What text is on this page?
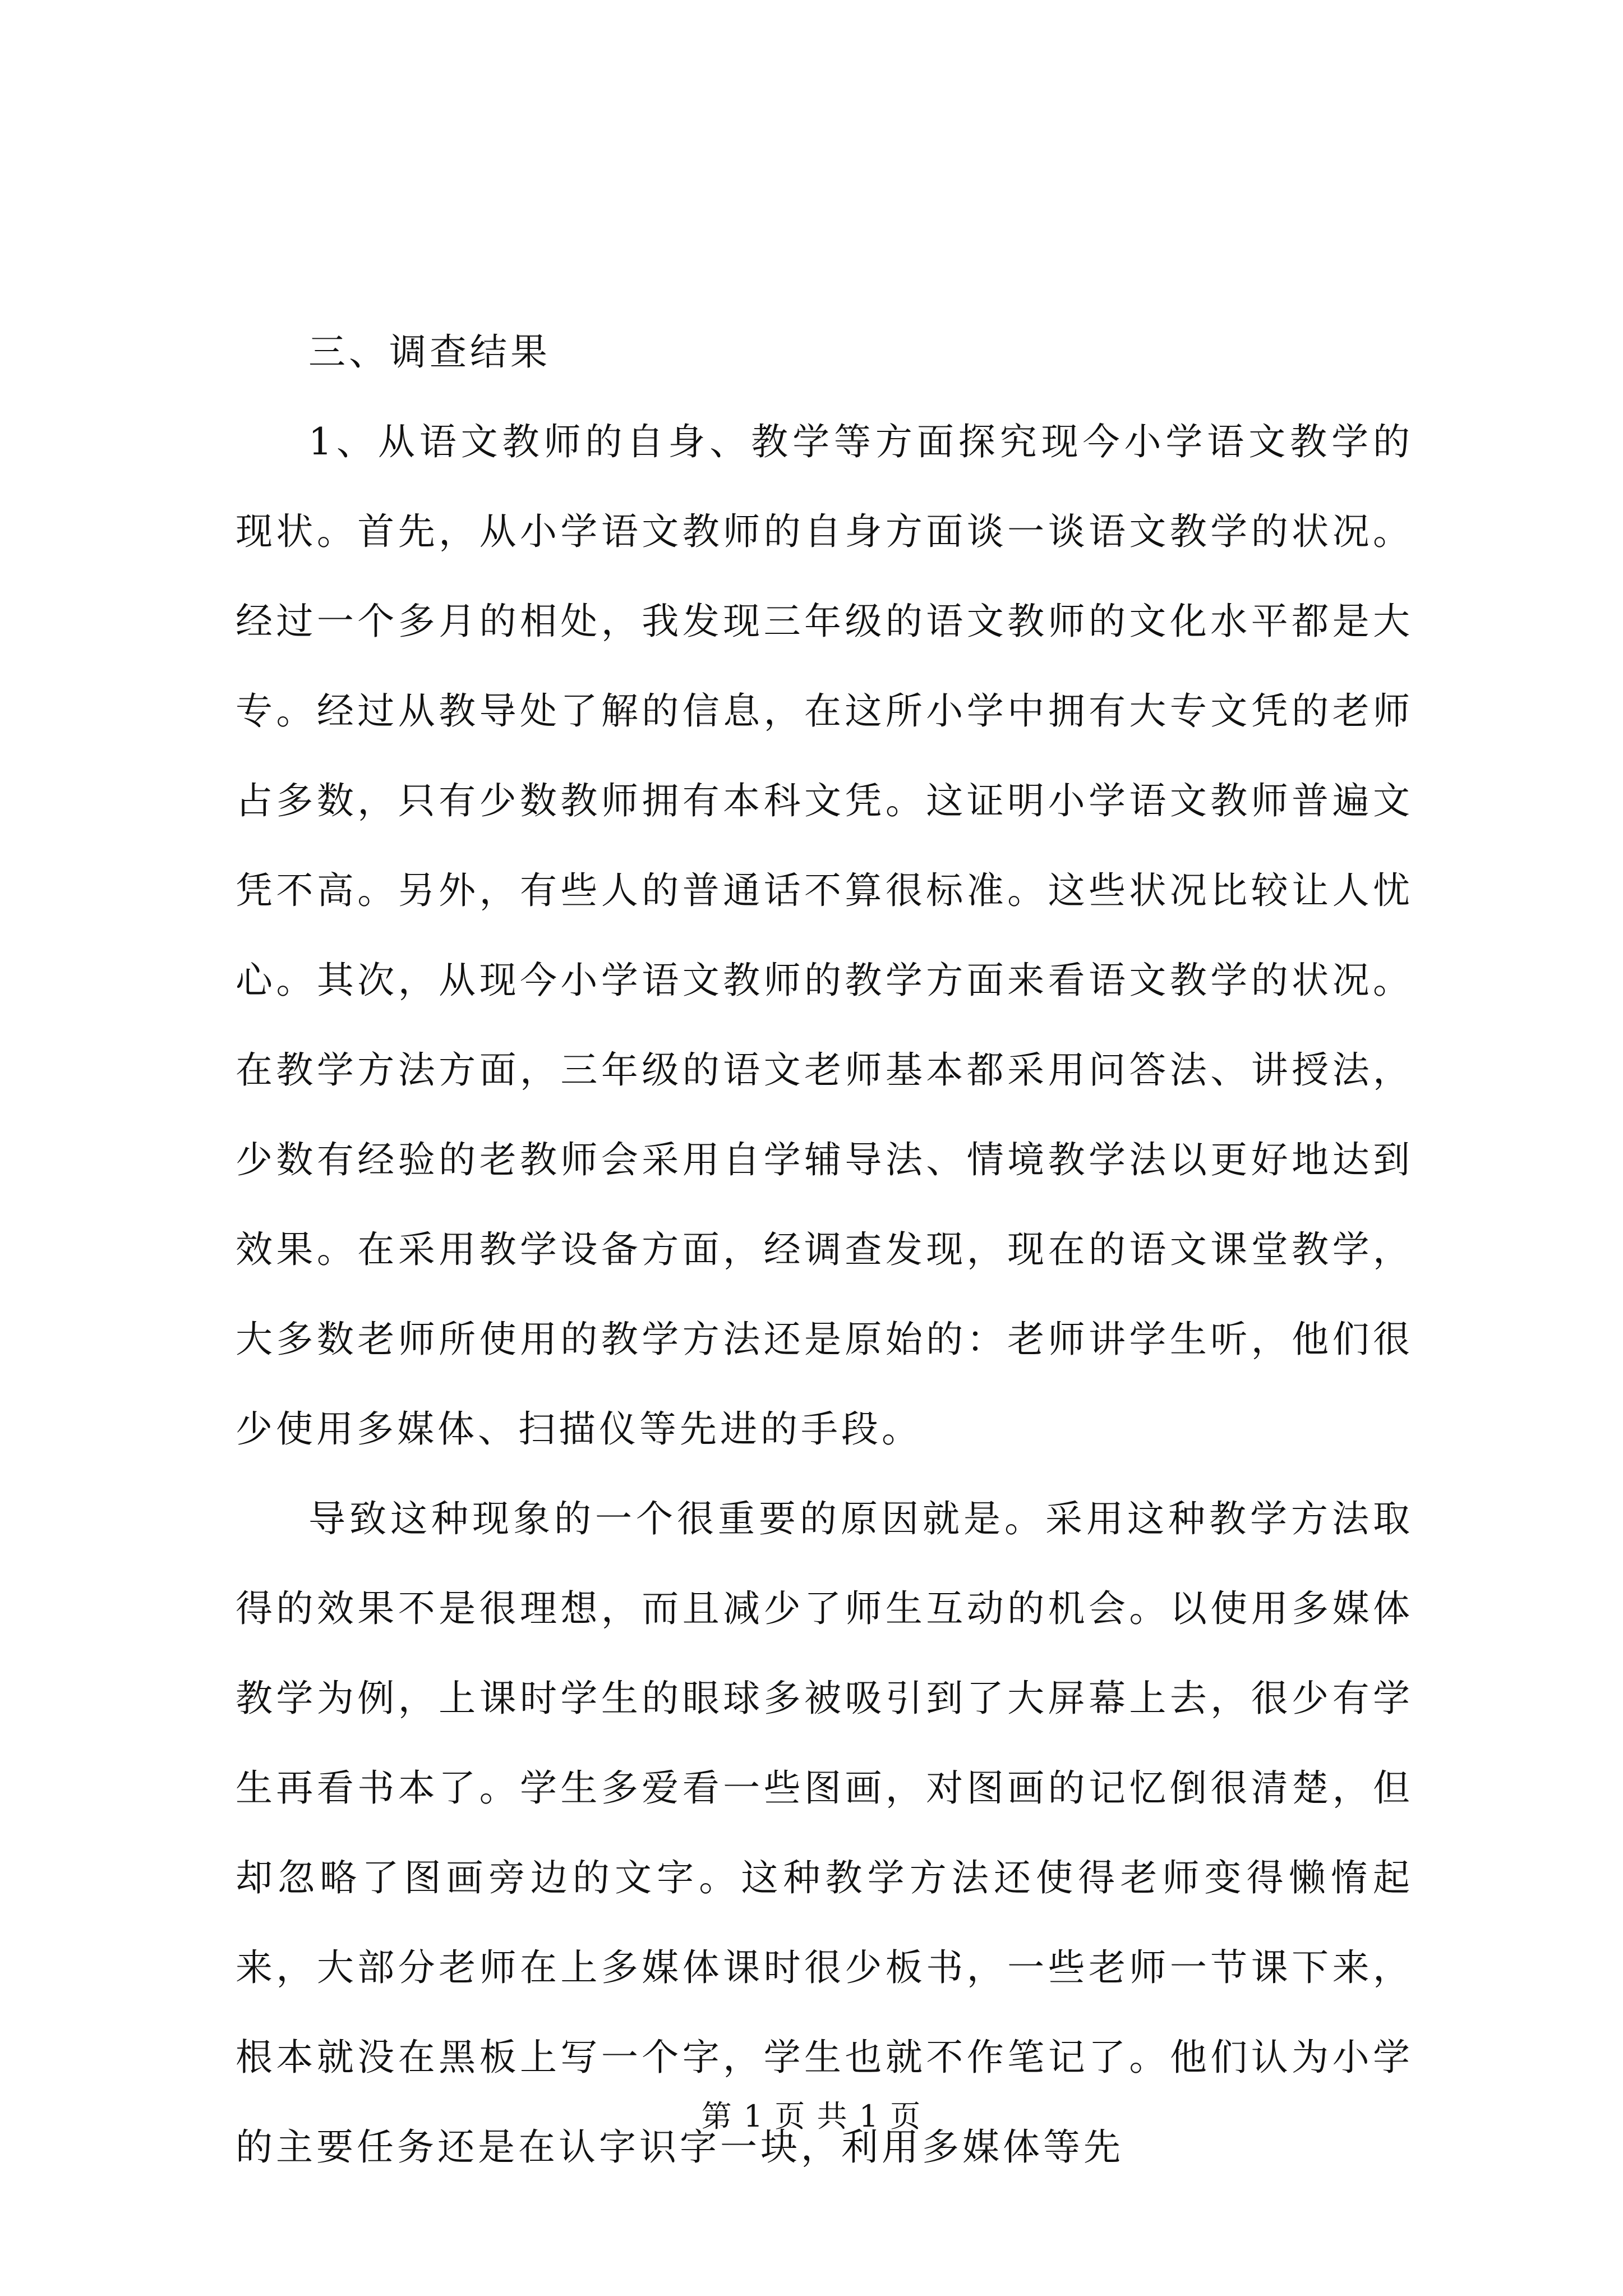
三、调查结果

1、从语文教师的自身、教学等方面探究现今小学语文教学的现状。首先，从小学语文教师的自身方面谈一谈语文教学的状况。经过一个多月的相处，我发现三年级的语文教师的文化水平都是大专。经过从教导处了解的信息，在这所小学中拥有大专文凭的老师占多数，只有少数教师拥有本科文凭。这证明小学语文教师普遍文凭不高。另外，有些人的普通话不算很标准。这些状况比较让人忧心。其次，从现今小学语文教师的教学方面来看语文教学的状况。在教学方法方面，三年级的语文老师基本都采用问答法、讲授法，少数有经验的老教师会采用自学辅导法、情境教学法以更好地达到效果。在采用教学设备方面，经调查发现，现在的语文课堂教学，大多数老师所使用的教学方法还是原始的：老师讲学生听，他们很少使用多媒体、扫描仪等先进的手段。

导致这种现象的一个很重要的原因就是。采用这种教学方法取得的效果不是很理想，而且减少了师生互动的机会。以使用多媒体教学为例，上课时学生的眼球多被吸引到了大屏幕上去，很少有学生再看书本了。学生多爱看一些图画，对图画的记忆倒很清楚，但却忽略了图画旁边的文字。这种教学方法还使得老师变得懒惰起来，大部分老师在上多媒体课时很少板书，一些老师一节课下来，根本就没在黑板上写一个字，学生也就不作笔记了。他们认为小学的主要任务还是在认字识字一块，利用多媒体等先

第 1 页 共 1 页
